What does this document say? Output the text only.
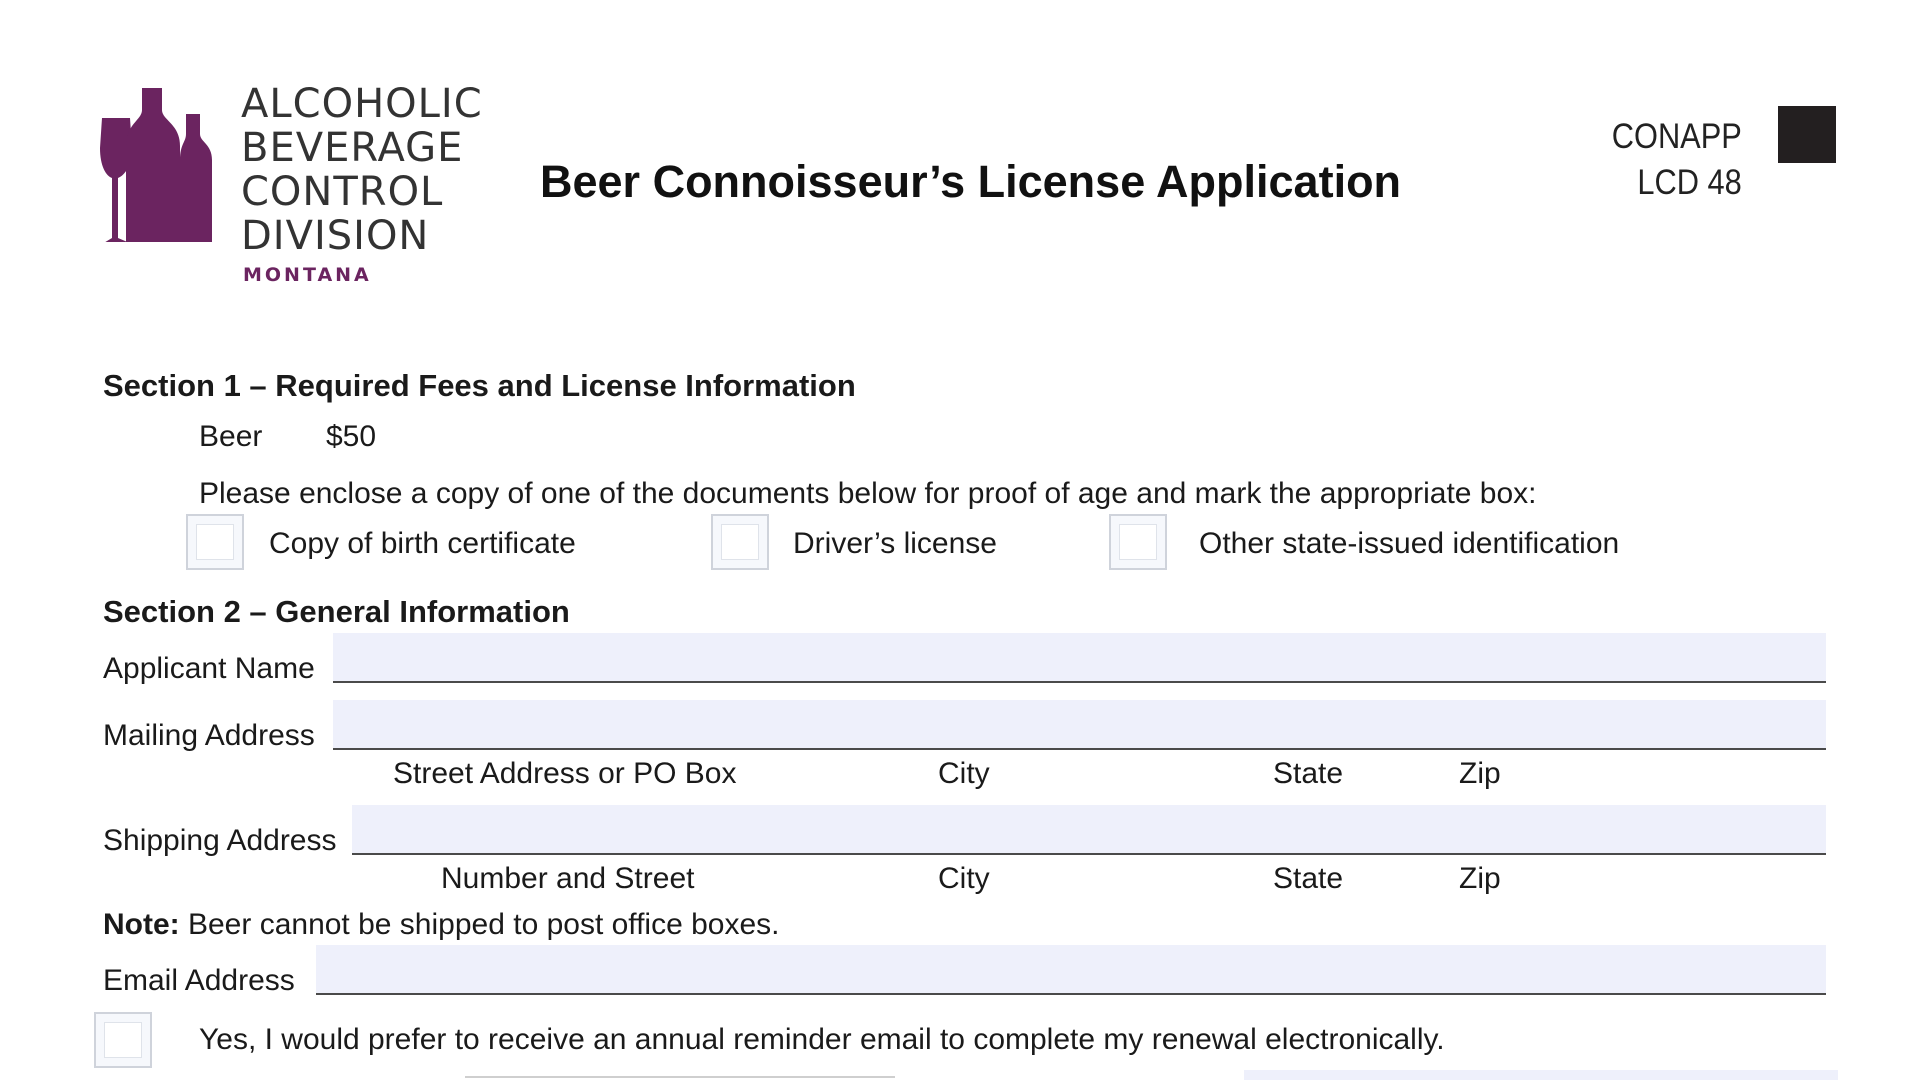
ALCOHOLIC
BEVERAGE
CONTROL
DIVISION
MONTANA
Beer Connoisseur’s License Application
CONAPP
LCD 48
Section 1 – Required Fees and License Information
Beer $50
Please enclose a copy of one of the documents below for proof of age and mark the appropriate box:
Copy of birth certificate	Driver’s license	Other state-issued identification
Section 2 – General Information
Applicant Name
Mailing Address
Street Address or PO Box	City	State	Zip
Shipping Address
Number and Street	City	State	Zip
Note: Beer cannot be shipped to post office boxes.
Email Address
Yes, I would prefer to receive an annual reminder email to complete my renewal electronically.
